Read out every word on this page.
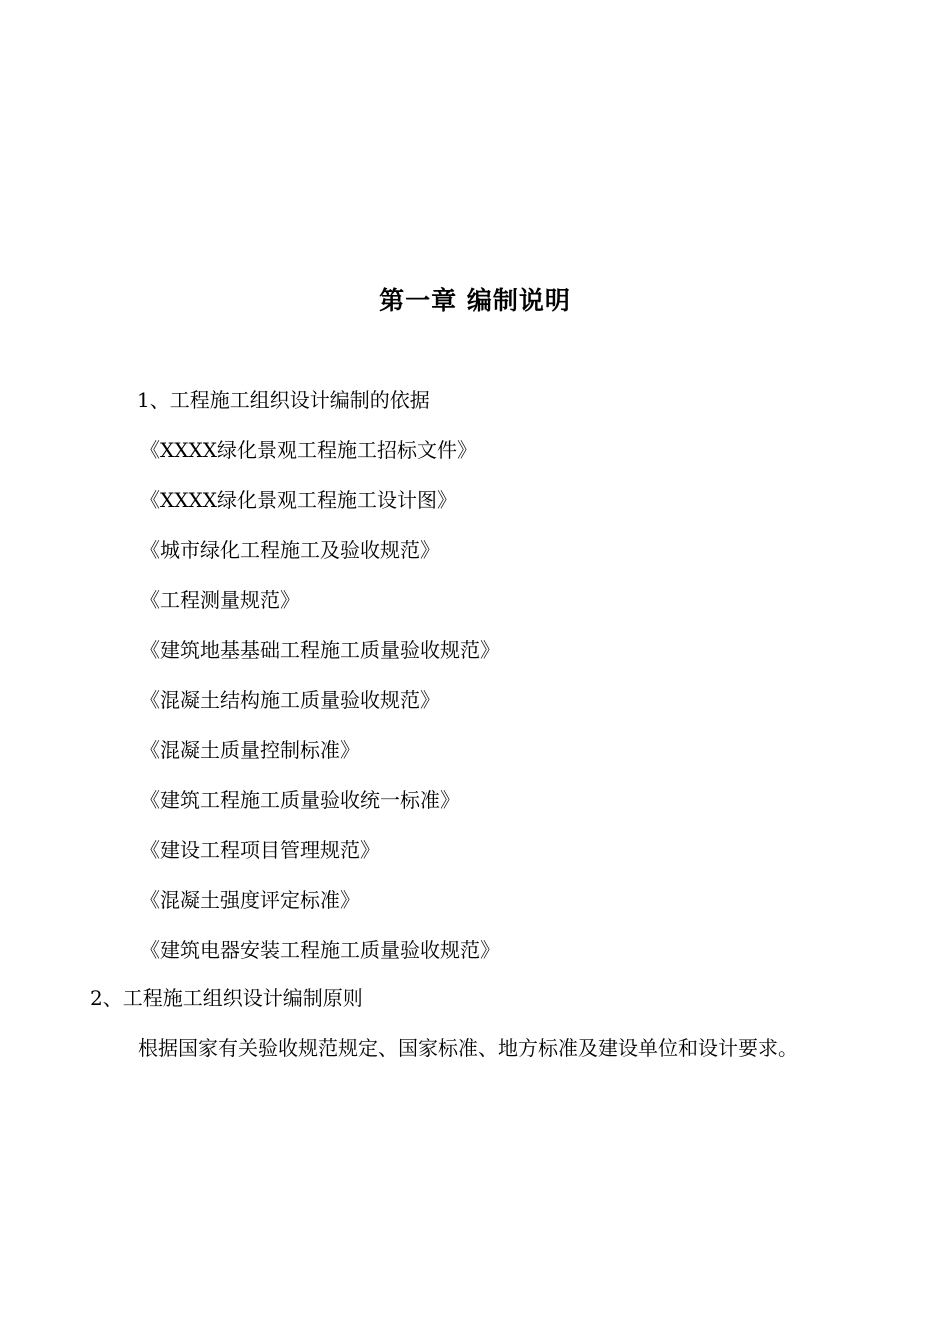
第一章 编制说明
1、工程施工组织设计编制的依据
《XXXX绿化景观工程施工招标文件》
《XXXX绿化景观工程施工设计图》
《城市绿化工程施工及验收规范》
《工程测量规范》
《建筑地基基础工程施工质量验收规范》
《混凝土结构施工质量验收规范》
《混凝土质量控制标准》
《建筑工程施工质量验收统一标准》
《建设工程项目管理规范》
《混凝土强度评定标准》
《建筑电器安装工程施工质量验收规范》
2、工程施工组织设计编制原则
根据国家有关验收规范规定、国家标准、地方标准及建设单位和设计要求。
